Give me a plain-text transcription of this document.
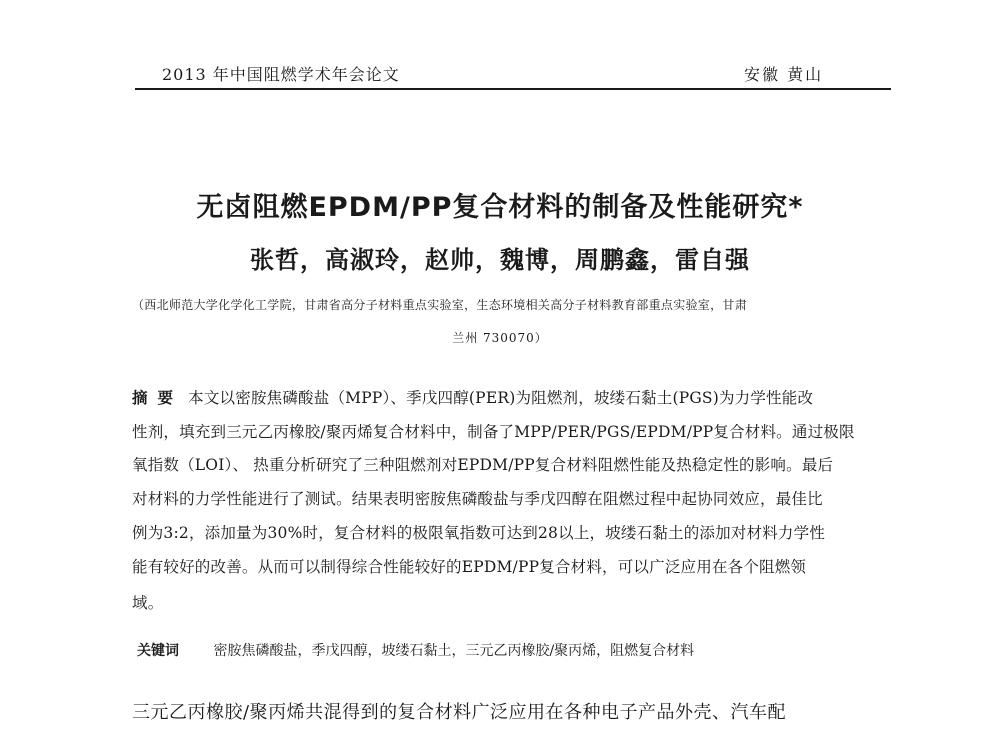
2013 年中国阻燃学术年会论文	安徽 黄山
无卤阻燃EPDM/PP复合材料的制备及性能研究*
张哲，高淑玲，赵帅，魏博，周鹏鑫，雷自强
（西北师范大学化学化工学院，甘肃省高分子材料重点实验室，生态环境相关高分子材料教育部重点实验室，甘肃
兰州 730070）
摘要 本文以密胺焦磷酸盐（MPP）、季戊四醇(PER)为阻燃剂，坡缕石黏土(PGS)为力学性能改
性剂，填充到三元乙丙橡胶/聚丙烯复合材料中，制备了MPP/PER/PGS/EPDM/PP复合材料。通过极限
氧指数（LOI）、 热重分析研究了三种阻燃剂对EPDM/PP复合材料阻燃性能及热稳定性的影响。最后
对材料的力学性能进行了测试。结果表明密胺焦磷酸盐与季戊四醇在阻燃过程中起协同效应，最佳比
例为3:2，添加量为30%时，复合材料的极限氧指数可达到28以上，坡缕石黏土的添加对材料力学性
能有较好的改善。从而可以制得综合性能较好的EPDM/PP复合材料，可以广泛应用在各个阻燃领
域。
关键词 密胺焦磷酸盐，季戊四醇，坡缕石黏土，三元乙丙橡胶/聚丙烯，阻燃复合材料
三元乙丙橡胶/聚丙烯共混得到的复合材料广泛应用在各种电子产品外壳、汽车配
